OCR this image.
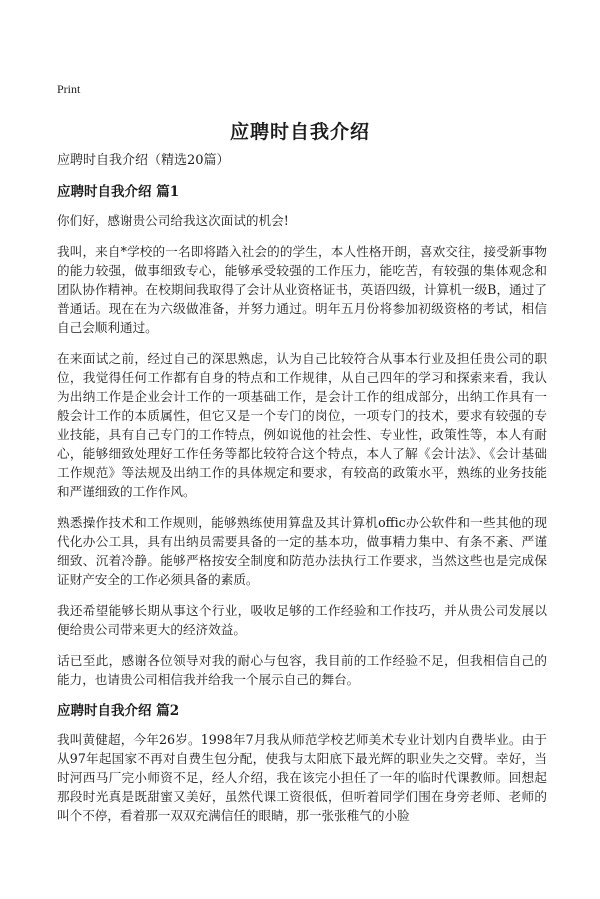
Print
应聘时自我介绍

应聘时自我介绍（精选20篇）

应聘时自我介绍 篇1

你们好，感谢贵公司给我这次面试的机会!

我叫，来自*学校的一名即将踏入社会的的学生，本人性格开朗，喜欢交往，接受新事物的能力较强，做事细致专心，能够承受较强的工作压力，能吃苦，有较强的集体观念和团队协作精神。在校期间我取得了会计从业资格证书，英语四级，计算机一级B，通过了普通话。现在在为六级做准备，并努力通过。明年五月份将参加初级资格的考试，相信自己会顺利通过。

在来面试之前，经过自己的深思熟虑，认为自己比较符合从事本行业及担任贵公司的职位，我觉得任何工作都有自身的特点和工作规律，从自己四年的学习和探索来看，我认为出纳工作是企业会计工作的一项基础工作，是会计工作的组成部分，出纳工作具有一般会计工作的本质属性，但它又是一个专门的岗位，一项专门的技术，要求有较强的专业技能，具有自己专门的工作特点，例如说他的社会性、专业性，政策性等，本人有耐心，能够细致处理好工作任务等都比较符合这个特点，本人了解《会计法》、《会计基础工作规范》等法规及出纳工作的具体规定和要求，有较高的政策水平，熟练的业务技能和严谨细致的工作作风。

熟悉操作技术和工作规则，能够熟练使用算盘及其计算机offic办公软件和一些其他的现代化办公工具，具有出纳员需要具备的一定的基本功，做事精力集中、有条不紊、严谨细致、沉着冷静。能够严格按安全制度和防范办法执行工作要求，当然这些也是完成保证财产安全的工作必须具备的素质。

我还希望能够长期从事这个行业，吸收足够的工作经验和工作技巧，并从贵公司发展以便给贵公司带来更大的经济效益。

话已至此，感谢各位领导对我的耐心与包容，我目前的工作经验不足，但我相信自己的能力，也请贵公司相信我并给我一个展示自己的舞台。

应聘时自我介绍 篇2

我叫黄健超，今年26岁。1998年7月我从师范学校艺师美术专业计划内自费毕业。由于从97年起国家不再对自费生包分配，使我与太阳底下最光辉的职业失之交臂。幸好，当时河西马厂完小师资不足，经人介绍，我在该完小担任了一年的临时代课教师。回想起那段时光真是既甜蜜又美好，虽然代课工资很低，但听着同学们围在身旁老师、老师的叫个不停，看着那一双双充满信任的眼睛，那一张张稚气的小脸
